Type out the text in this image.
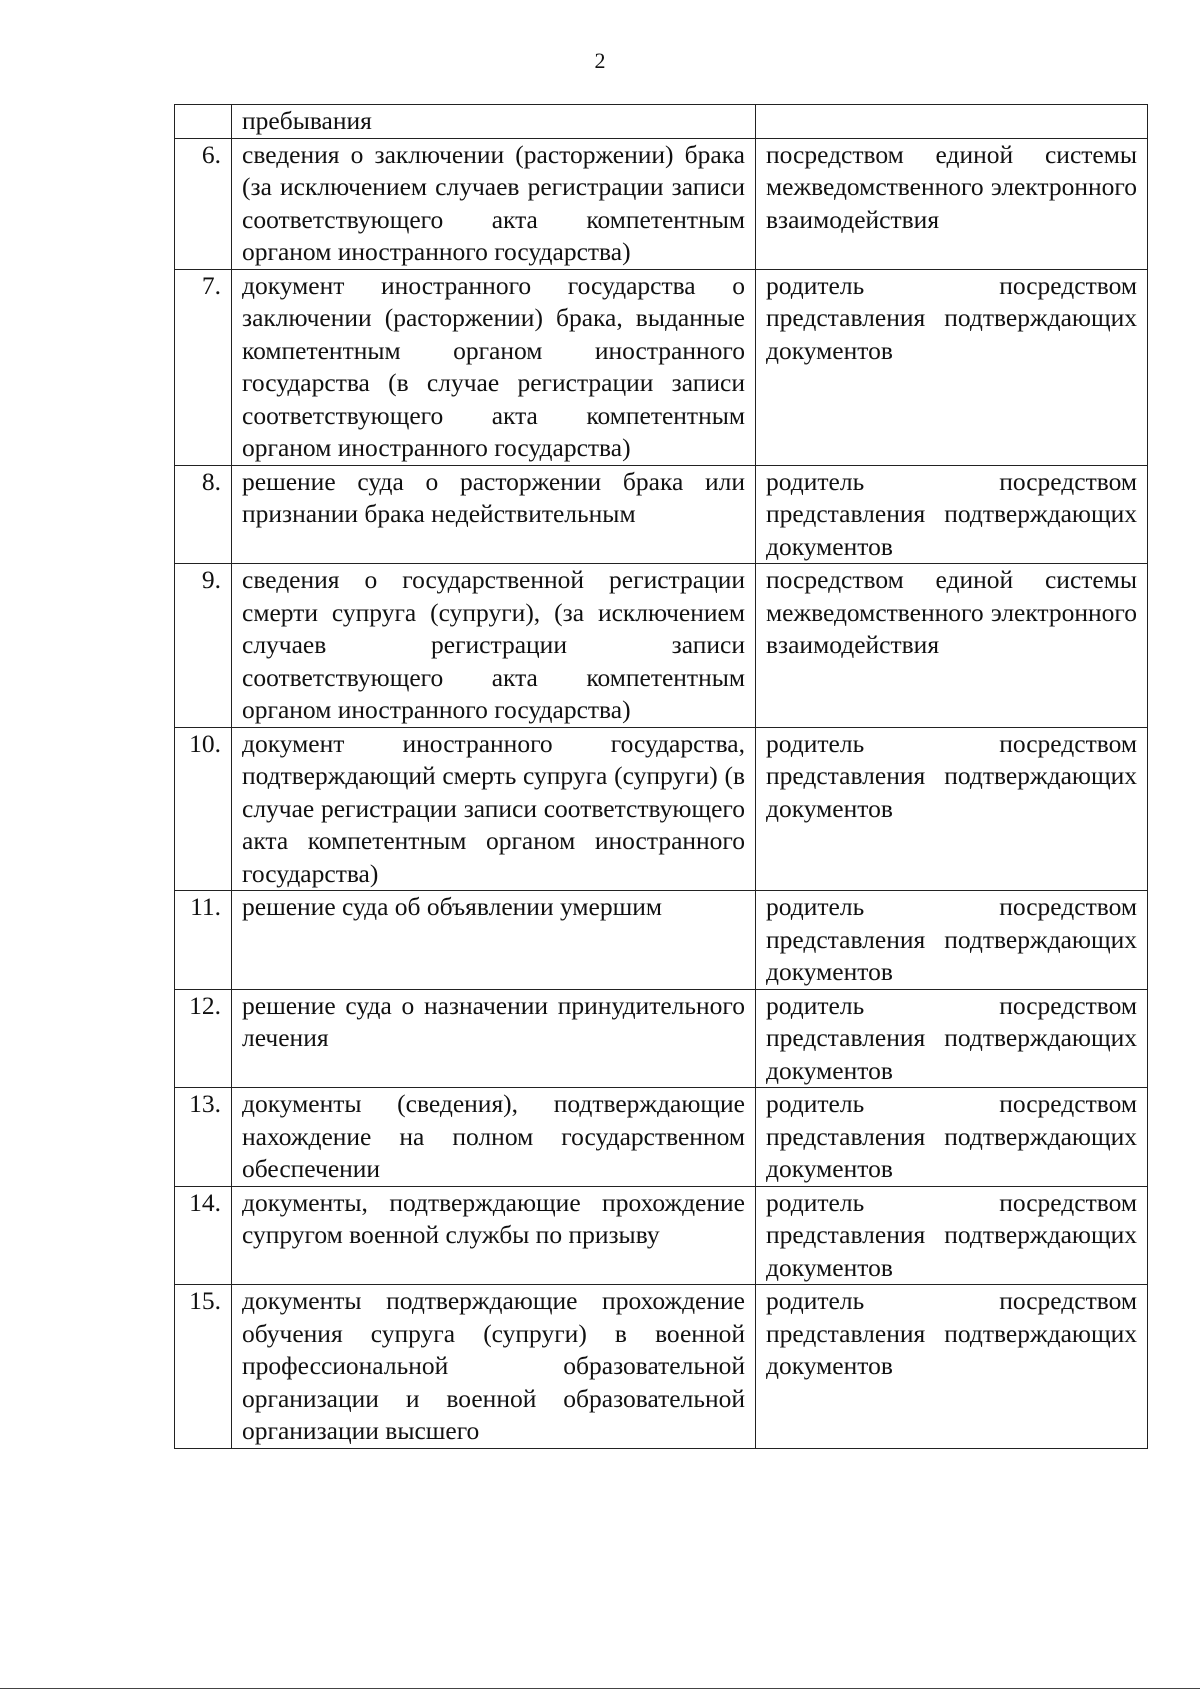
2
	пребывания	
6.	сведения о заключении (расторжении) брака (за исключением случаев регистрации записи соответствующего акта компетентным органом иностранного государства)	посредством единой системы межведомственного электронного взаимодействия
7.	документ иностранного государства о заключении (расторжении) брака, выданные компетентным органом иностранного государства (в случае регистрации записи соответствующего акта компетентным органом иностранного государства)	родитель посредством представления подтверждающих документов
8.	решение суда о расторжении брака или признании брака недействительным	родитель посредством представления подтверждающих документов
9.	сведения о государственной регистрации смерти супруга (супруги), (за исключением случаев регистрации записи соответствующего акта компетентным органом иностранного государства)	посредством единой системы межведомственного электронного взаимодействия
10.	документ иностранного государства, подтверждающий смерть супруга (супруги) (в случае регистрации записи соответствующего акта компетентным органом иностранного государства)	родитель посредством представления подтверждающих документов
11.	решение суда об объявлении умершим	родитель посредством представления подтверждающих документов
12.	решение суда о назначении принудительного лечения	родитель посредством представления подтверждающих документов
13.	документы (сведения), подтверждающие нахождение на полном государственном обеспечении	родитель посредством представления подтверждающих документов
14.	документы, подтверждающие прохождение супругом военной службы по призыву	родитель посредством представления подтверждающих документов
15.	документы подтверждающие прохождение обучения супруга (супруги) в военной профессиональной образовательной организации и военной образовательной организации высшего	родитель посредством представления подтверждающих документов
